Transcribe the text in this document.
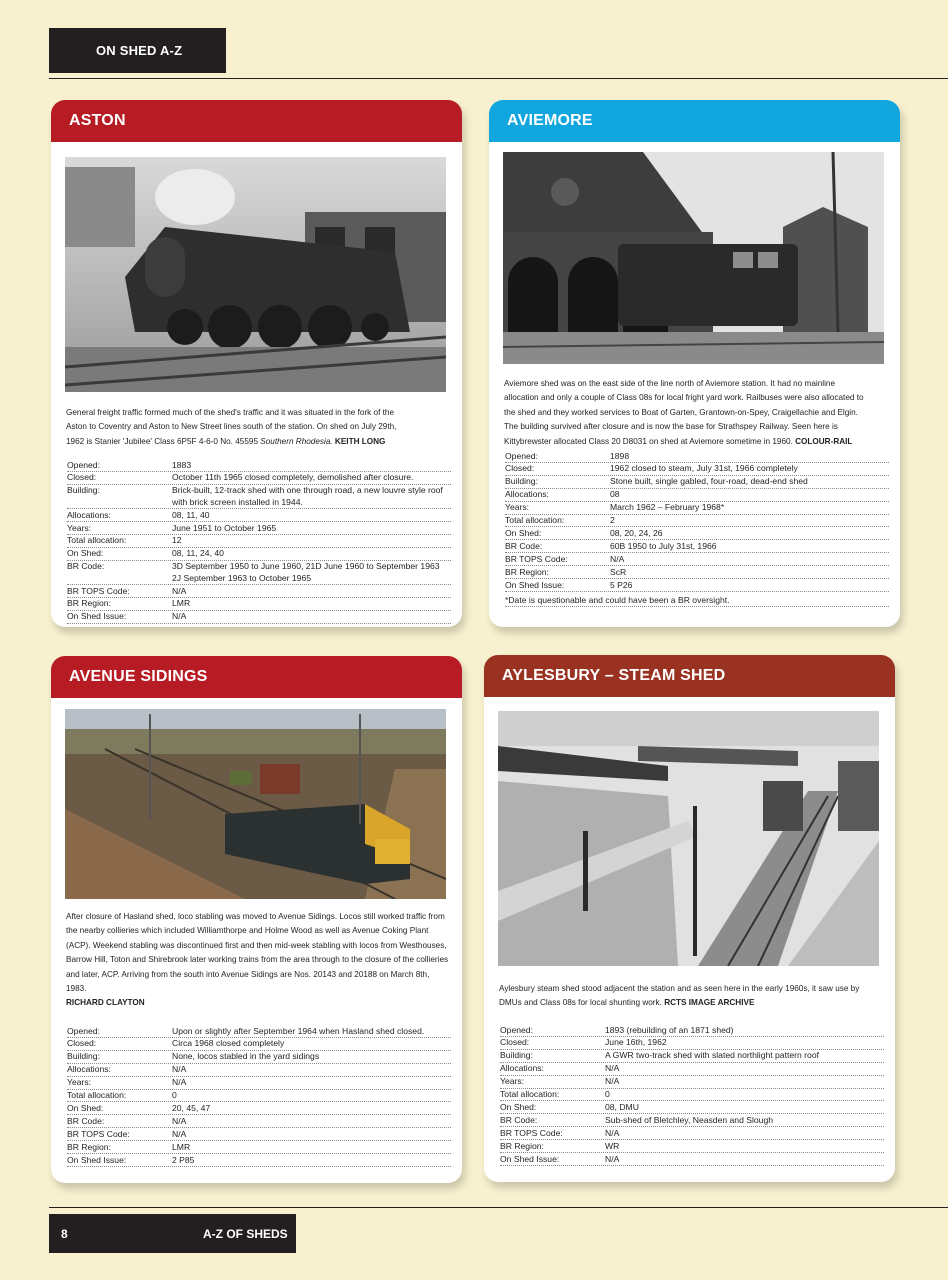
ON SHED A-Z
ASTON
General freight traffic formed much of the shed's traffic and it was situated in the fork of the Aston to Coventry and Aston to New Street lines south of the station. On shed on July 29th, 1962 is Stanier 'Jubilee' Class 6P5F 4-6-0 No. 45595 Southern Rhodesia. KEITH LONG
Opened:	1883
Closed:	October 11th 1965 closed completely, demolished after closure.
Building:	Brick-built, 12-track shed with one through road, a new louvre style roof with brick screen installed in 1944.
Allocations:	08, 11, 40
Years:	June 1951 to October 1965
Total allocation:	12
On Shed:	08, 11, 24, 40
BR Code:	3D September 1950 to June 1960, 21D June 1960 to September 1963 2J September 1963 to October 1965
BR TOPS Code:	N/A
BR Region:	LMR
On Shed Issue:	N/A
AVIEMORE
Aviemore shed was on the east side of the line north of Aviemore station. It had no mainline allocation and only a couple of Class 08s for local fright yard work. Railbuses were also allocated to the shed and they worked services to Boat of Garten, Grantown-on-Spey, Craigellachie and Elgin. The building survived after closure and is now the base for Strathspey Railway. Seen here is Kittybrewster allocated Class 20 D8031 on shed at Aviemore sometime in 1960. COLOUR-RAIL
Opened:	1898
Closed:	1962 closed to steam, July 31st, 1966 completely
Building:	Stone built, single gabled, four-road, dead-end shed
Allocations:	08
Years:	March 1962 – February 1968*
Total allocation:	2
On Shed:	08, 20, 24, 26
BR Code:	60B 1950 to July 31st, 1966
BR TOPS Code:	N/A
BR Region:	ScR
On Shed Issue:	5 P26
*Date is questionable and could have been a BR oversight.
AVENUE SIDINGS
After closure of Hasland shed, loco stabling was moved to Avenue Sidings. Locos still worked traffic from the nearby collieries which included Williamthorpe and Holme Wood as well as Avenue Coking Plant (ACP). Weekend stabling was discontinued first and then mid-week stabling with locos from Westhouses, Barrow Hill, Toton and Shirebrook later working trains from the area through to the closure of the collieries and later, ACP. Arriving from the south into Avenue Sidings are Nos. 20143 and 20188 on March 8th, 1983.
RICHARD CLAYTON
Opened:	Upon or slightly after September 1964 when Hasland shed closed.
Closed:	Circa 1968 closed completely
Building:	None, locos stabled in the yard sidings
Allocations:	N/A
Years:	N/A
Total allocation:	0
On Shed:	20, 45, 47
BR Code:	N/A
BR TOPS Code:	N/A
BR Region:	LMR
On Shed Issue:	2 P85
AYLESBURY – STEAM SHED
Aylesbury steam shed stood adjacent the station and as seen here in the early 1960s, it saw use by DMUs and Class 08s for local shunting work. RCTS IMAGE ARCHIVE
Opened:	1893 (rebuilding of an 1871 shed)
Closed:	June 16th, 1962
Building:	A GWR two-track shed with slated northlight pattern roof
Allocations:	N/A
Years:	N/A
Total allocation:	0
On Shed:	08, DMU
BR Code:	Sub-shed of Bletchley, Neasden and Slough
BR TOPS Code:	N/A
BR Region:	WR
On Shed Issue:	N/A
8	A-Z OF SHEDS
